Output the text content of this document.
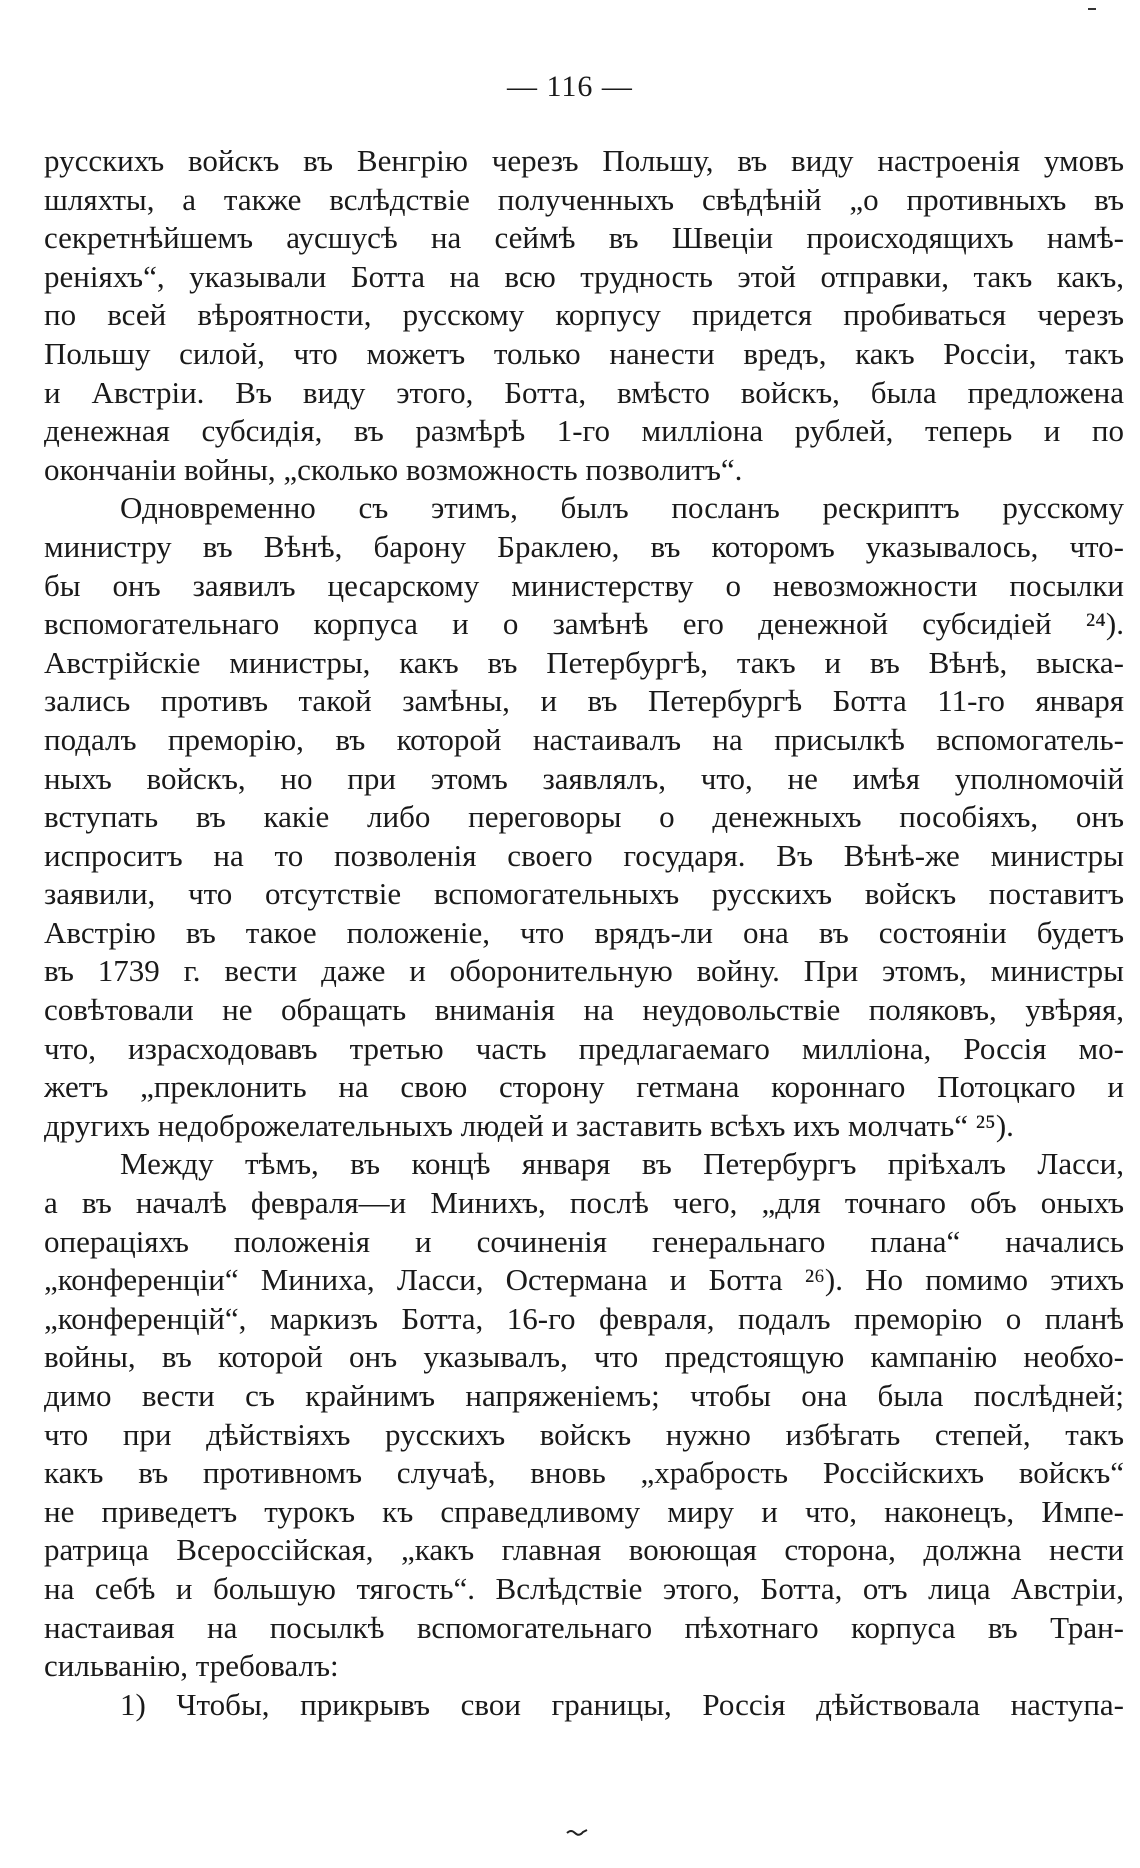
— 116 —
русскихъ войскъ въ Венгрію черезъ Польшу, въ виду настроенія умовъ
шляхты, а также вслѣдствіе полученныхъ свѣдѣній „о противныхъ въ
секретнѣйшемъ аусшусѣ на сеймѣ въ Швеціи происходящихъ намѣ-
реніяхъ“, указывали Ботта на всю трудность этой отправки, такъ какъ,
по всей вѣроятности, русскому корпусу придется пробиваться черезъ
Польшу силой, что можетъ только нанести вредъ, какъ Россіи, такъ
и Австріи. Въ виду этого, Ботта, вмѣсто войскъ, была предложена
денежная субсидія, въ размѣрѣ 1-го милліона рублей, теперь и по
окончаніи войны, „сколько возможность позволитъ“.
Одновременно съ этимъ, былъ посланъ рескриптъ русскому
министру въ Вѣнѣ, барону Браклею, въ которомъ указывалось, что-
бы онъ заявилъ цесарскому министерству о невозможности посылки
вспомогательнаго корпуса и о замѣнѣ его денежной субсидіей ²⁴).
Австрійскіе министры, какъ въ Петербургѣ, такъ и въ Вѣнѣ, выска-
зались противъ такой замѣны, и въ Петербургѣ Ботта 11-го января
подалъ преморію, въ которой настаивалъ на присылкѣ вспомогатель-
ныхъ войскъ, но при этомъ заявлялъ, что, не имѣя уполномочій
вступать въ какіе либо переговоры о денежныхъ пособіяхъ, онъ
испроситъ на то позволенія своего государя. Въ Вѣнѣ-же министры
заявили, что отсутствіе вспомогательныхъ русскихъ войскъ поставитъ
Австрію въ такое положеніе, что врядъ-ли она въ состояніи будетъ
въ 1739 г. вести даже и оборонительную войну. При этомъ, министры
совѣтовали не обращать вниманія на неудовольствіе поляковъ, увѣряя,
что, израсходовавъ третью часть предлагаемаго милліона, Россія мо-
жетъ „преклонить на свою сторону гетмана короннаго Потоцкаго и
другихъ недоброжелательныхъ людей и заставить всѣхъ ихъ молчать“ ²⁵).
Между тѣмъ, въ концѣ января въ Петербургъ пріѣхалъ Ласси,
а въ началѣ февраля—и Минихъ, послѣ чего, „для точнаго объ оныхъ
операціяхъ положенія и сочиненія генеральнаго плана“ начались
„конференціи“ Миниха, Ласси, Остермана и Ботта ²⁶). Но помимо этихъ
„конференцій“, маркизъ Ботта, 16-го февраля, подалъ преморію о планѣ
войны, въ которой онъ указывалъ, что предстоящую кампанію необхо-
димо вести съ крайнимъ напряженіемъ; чтобы она была послѣдней;
что при дѣйствіяхъ русскихъ войскъ нужно избѣгать степей, такъ
какъ въ противномъ случаѣ, вновь „храбрость Россійскихъ войскъ“
не приведетъ турокъ къ справедливому миру и что, наконецъ, Импе-
ратрица Всероссійская, „какъ главная воюющая сторона, должна нести
на себѣ и большую тягость“. Вслѣдствіе этого, Ботта, отъ лица Австріи,
настаивая на посылкѣ вспомогательнаго пѣхотнаго корпуса въ Тран-
сильванію, требовалъ:
1) Чтобы, прикрывъ свои границы, Россія дѣйствовала наступа-
